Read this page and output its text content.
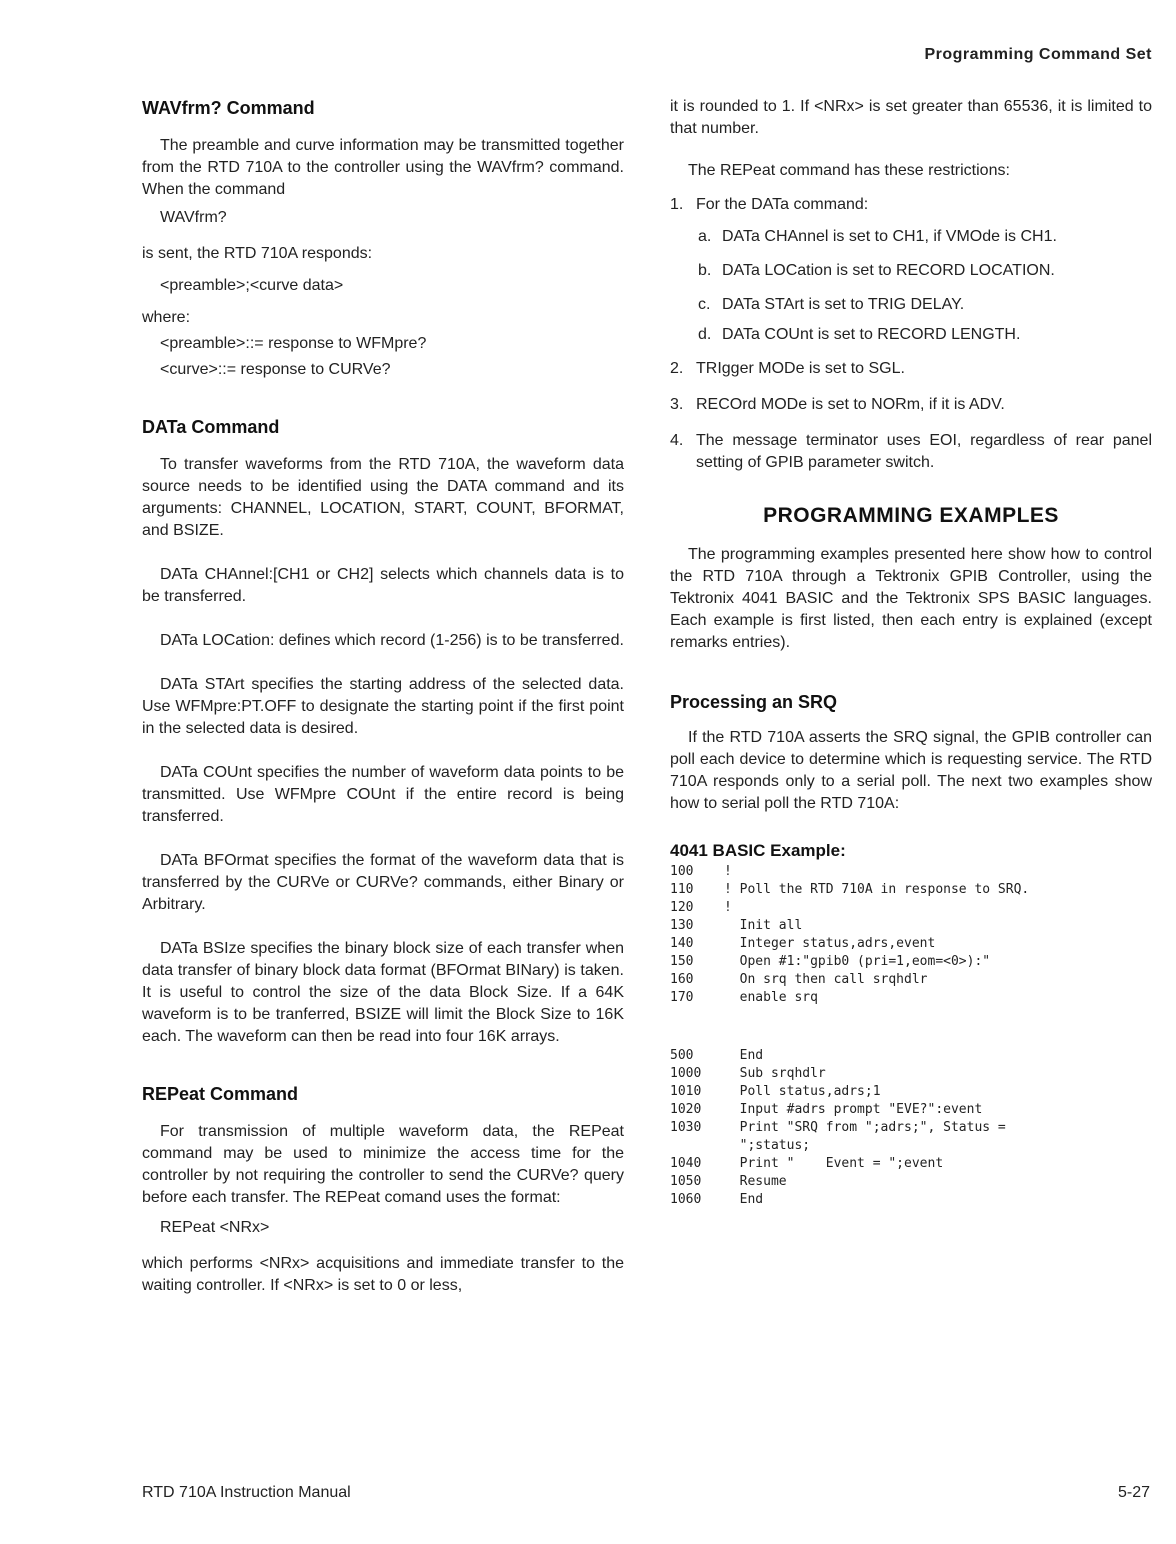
Programming Command Set
WAVfrm? Command

The preamble and curve information may be transmitted together from the RTD 710A to the controller using the WAVfrm? command. When the command

WAVfrm?

is sent, the RTD 710A responds:

<preamble>;<curve data>

where:

<preamble>::= response to WFMpre?
<curve>::= response to CURVe?
DATa Command

To transfer waveforms from the RTD 710A, the waveform data source needs to be identified using the DATA command and its arguments: CHANNEL, LOCATION, START, COUNT, BFORMAT, and BSIZE.

DATa CHAnnel:[CH1 or CH2] selects which channels data is to be transferred.

DATa LOCation: defines which record (1-256) is to be transferred.

DATa STArt specifies the starting address of the selected data. Use WFMpre:PT.OFF to designate the starting point if the first point in the selected data is desired.

DATa COUnt specifies the number of waveform data points to be transmitted. Use WFMpre COUnt if the entire record is being transferred.

DATa BFOrmat specifies the format of the waveform data that is transferred by the CURVe or CURVe? commands, either Binary or Arbitrary.

DATa BSIze specifies the binary block size of each transfer when data transfer of binary block data format (BFOrmat BINary) is taken. It is useful to control the size of the data Block Size. If a 64K waveform is to be tranferred, BSIZE will limit the Block Size to 16K each. The waveform can then be read into four 16K arrays.

REPeat Command

For transmission of multiple waveform data, the REPeat command may be used to minimize the access time for the controller by not requiring the controller to send the CURVe? query before each transfer. The REPeat comand uses the format:

REPeat <NRx>

which performs <NRx> acquisitions and immediate transfer to the waiting controller. If <NRx> is set to 0 or less,

it is rounded to 1. If <NRx> is set greater than 65536, it is limited to that number.

The REPeat command has these restrictions:

1. For the DATa command:
a. DATa CHAnnel is set to CH1, if VMOde is CH1.
b. DATa LOCation is set to RECORD LOCATION.
c. DATa STArt is set to TRIG DELAY.
d. DATa COUnt is set to RECORD LENGTH.
2. TRIgger MODe is set to SGL.
3. RECOrd MODe is set to NORm, if it is ADV.
4. The message terminator uses EOI, regardless of rear panel setting of GPIB parameter switch.
PROGRAMMING EXAMPLES

The programming examples presented here show how to control the RTD 710A through a Tektronix GPIB Controller, using the Tektronix 4041 BASIC and the Tektronix SPS BASIC languages. Each example is first listed, then each entry is explained (except remarks entries).

Processing an SRQ

If the RTD 710A asserts the SRQ signal, the GPIB controller can poll each device to determine which is requesting service. The RTD 710A responds only to a serial poll. The next two examples show how to serial poll the RTD 710A:

4041 BASIC Example:
100 !
110 ! Poll the RTD 710A in response to SRQ.
120 !
130  Init all
140  Integer status,adrs,event
150  Open #1:"gpib0 (pri=1,eom=<0>):"
160  On srq then call srqhdlr
170  enable srq
500  End
1000  Sub srqhdlr
1010  Poll status,adrs;1
1020  Input #adrs prompt "EVE?":event
1030  Print "SRQ from ";adrs;", Status =
";status;
1040  Print "    Event = ";event
1050  Resume
1060  End
RTD 710A Instruction Manual	5-27
